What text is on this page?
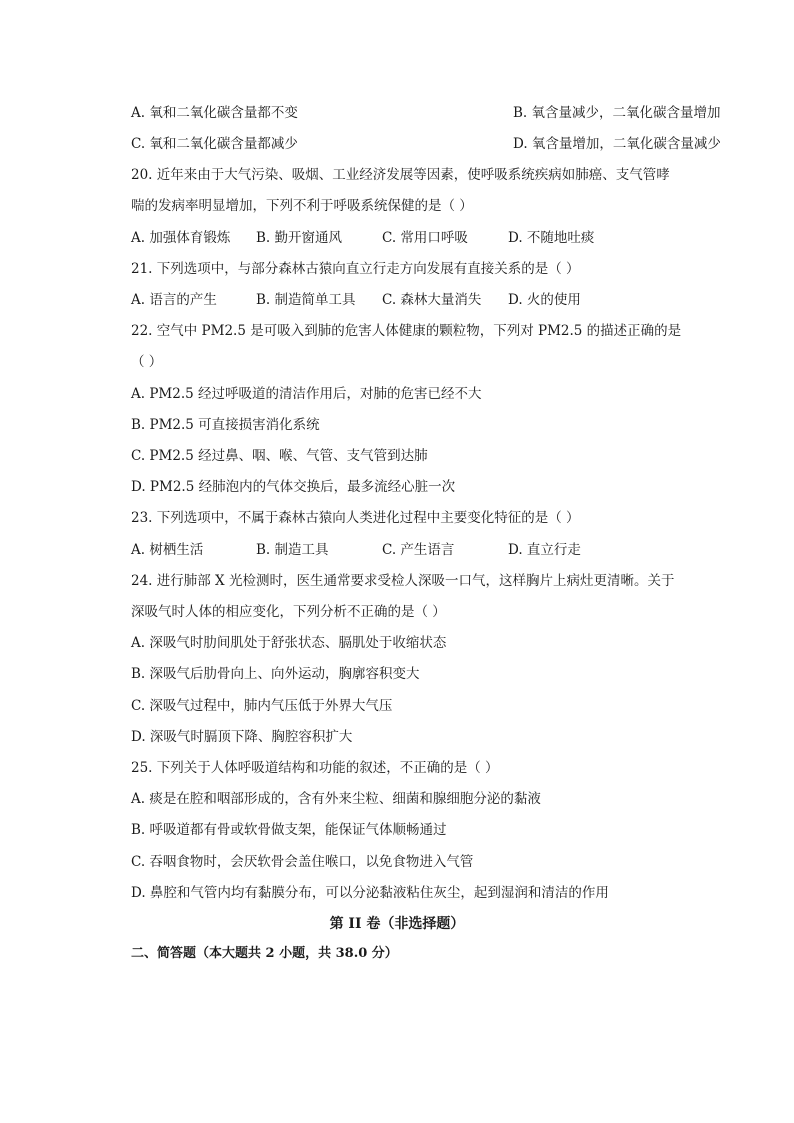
A. 氧和二氧化碳含量都不变	B. 氧含量减少，二氧化碳含量增加
C. 氧和二氧化碳含量都减少	D. 氧含量增加，二氧化碳含量减少
20. 近年来由于大气污染、吸烟、工业经济发展等因素，使呼吸系统疾病如肺癌、支气管哮
喘的发病率明显增加，下列不利于呼吸系统保健的是（ ）
A. 加强体育锻炼 B. 勤开窗通风	C. 常用口呼吸	D. 不随地吐痰
21. 下列选项中，与部分森林古猿向直立行走方向发展有直接关系的是（ ）
A. 语言的产生	B. 制造简单工具 C. 森林大量消失 D. 火的使用
22. 空气中 PM2.5 是可吸入到肺的危害人体健康的颗粒物，下列对 PM2.5 的描述正确的是
（ ）
A. PM2.5 经过呼吸道的清洁作用后，对肺的危害已经不大
B. PM2.5 可直接损害消化系统
C. PM2.5 经过鼻、咽、喉、气管、支气管到达肺
D. PM2.5 经肺泡内的气体交换后，最多流经心脏一次
23. 下列选项中，不属于森林古猿向人类进化过程中主要变化特征的是（ ）
A. 树栖生活	B. 制造工具	C. 产生语言	D. 直立行走
24. 进行肺部 X 光检测时，医生通常要求受检人深吸一口气，这样胸片上病灶更清晰。关于
深吸气时人体的相应变化，下列分析不正确的是（ ）
A. 深吸气时肋间肌处于舒张状态、膈肌处于收缩状态
B. 深吸气后肋骨向上、向外运动，胸廓容积变大
C. 深吸气过程中，肺内气压低于外界大气压
D. 深吸气时膈顶下降、胸腔容积扩大
25. 下列关于人体呼吸道结构和功能的叙述，不正确的是（ ）
A. 痰是在腔和咽部形成的，含有外来尘粒、细菌和腺细胞分泌的黏液
B. 呼吸道都有骨或软骨做支架，能保证气体顺畅通过
C. 吞咽食物时，会厌软骨会盖住喉口，以免食物进入气管
D. 鼻腔和气管内均有黏膜分布，可以分泌黏液粘住灰尘，起到湿润和清洁的作用
第 II 卷（非选择题）
二、简答题（本大题共 2 小题，共 38.0 分）
